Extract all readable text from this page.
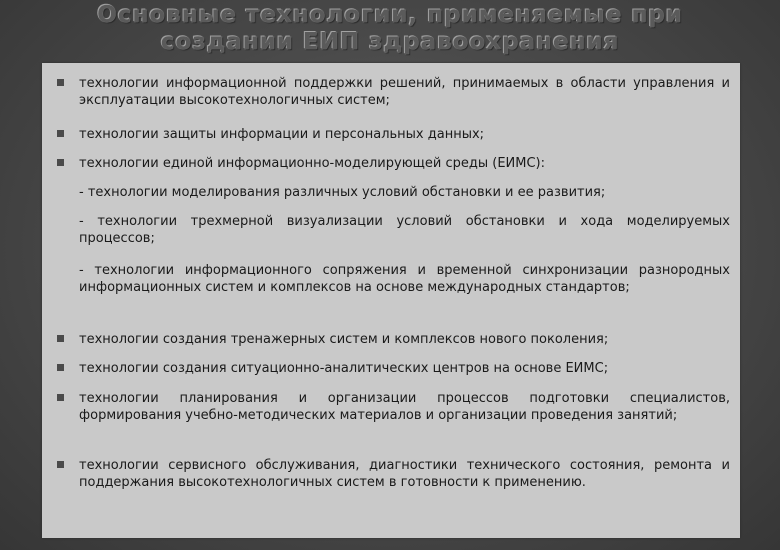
Основные технологии, применяемые при
создании ЕИП здравоохранения
технологии информационной поддержки решений, принимаемых в области управления и эксплуатации высокотехнологичных систем;
технологии защиты информации и персональных данных;
технологии единой информационно-моделирующей среды (ЕИМС):
- технологии моделирования различных условий обстановки и ее развития;
- технологии трехмерной визуализации условий обстановки и хода моделируемых процессов;
- технологии информационного сопряжения и временной синхронизации разнородных информационных систем и комплексов на основе международных стандартов;
технологии создания тренажерных систем и комплексов нового поколения;
технологии создания ситуационно-аналитических центров на основе ЕИМС;
технологии планирования и организации процессов подготовки специалистов, формирования учебно-методических материалов и организации проведения занятий;
технологии сервисного обслуживания, диагностики технического состояния, ремонта и поддержания высокотехнологичных систем в готовности к применению.
